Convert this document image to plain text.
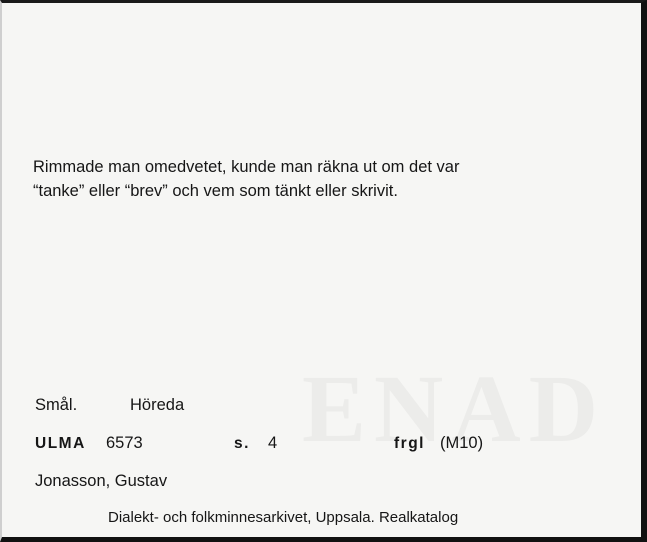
Rimmade man omedvetet, kunde man räkna ut om det var
“tanke” eller “brev” och vem som tänkt eller skrivit.
Smål.	Höreda
ULMA 6573	s. 4	frgl (M10)
Jonasson, Gustav
Dialekt- och folkminnesarkivet, Uppsala. Realkatalog
